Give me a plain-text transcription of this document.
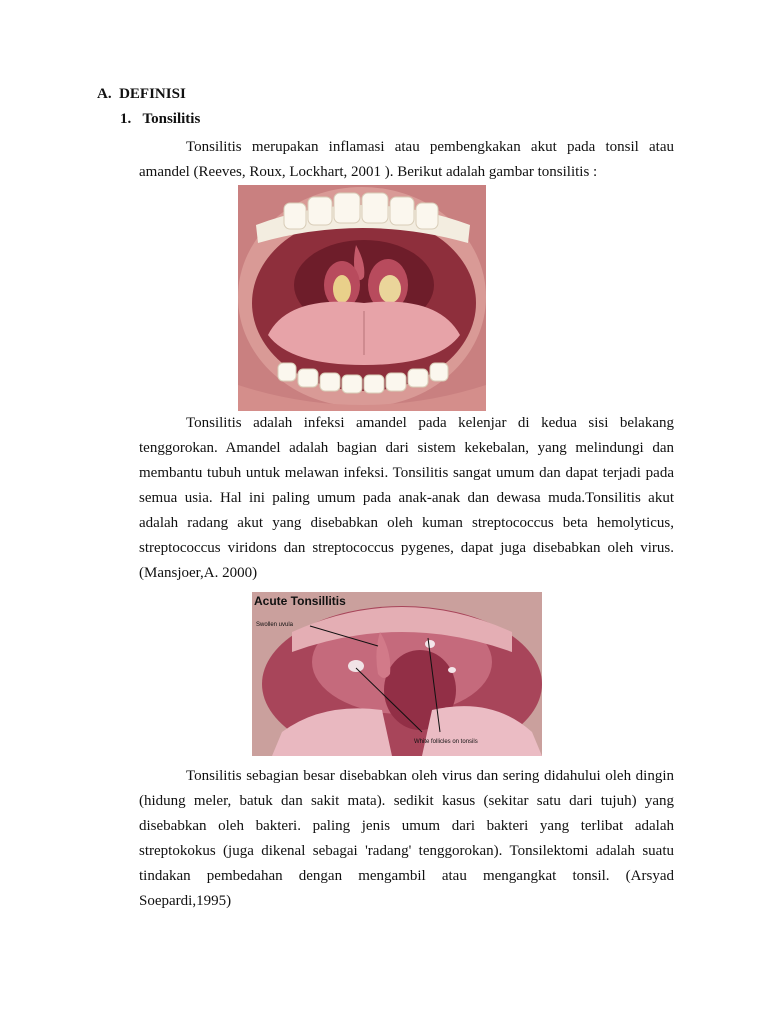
A. DEFINISI
1. Tonsilitis

Tonsilitis merupakan inflamasi atau pembengkakan akut pada tonsil atau amandel (Reeves, Roux, Lockhart, 2001 ). Berikut adalah gambar tonsilitis :

Tonsilitis adalah infeksi amandel pada kelenjar di kedua sisi belakang tenggorokan. Amandel adalah bagian dari sistem kekebalan, yang melindungi dan membantu tubuh untuk melawan infeksi. Tonsilitis sangat umum dan dapat terjadi pada semua usia. Hal ini paling umum pada anak-anak dan dewasa muda.Tonsilitis akut adalah radang akut yang disebabkan oleh kuman streptococcus beta hemolyticus, streptococcus viridons dan streptococcus pygenes, dapat juga disebabkan oleh virus. (Mansjoer,A. 2000)

Acute Tonsillitis
Swollen uvula
White follicles on tonsils

Tonsilitis sebagian besar disebabkan oleh virus dan sering didahului oleh dingin (hidung meler, batuk dan sakit mata). sedikit kasus (sekitar satu dari tujuh) yang disebabkan oleh bakteri. paling jenis umum dari bakteri yang terlibat adalah streptokokus (juga dikenal sebagai 'radang' tenggorokan). Tonsilektomi adalah suatu tindakan pembedahan dengan mengambil atau mengangkat tonsil. (Arsyad Soepardi,1995)
